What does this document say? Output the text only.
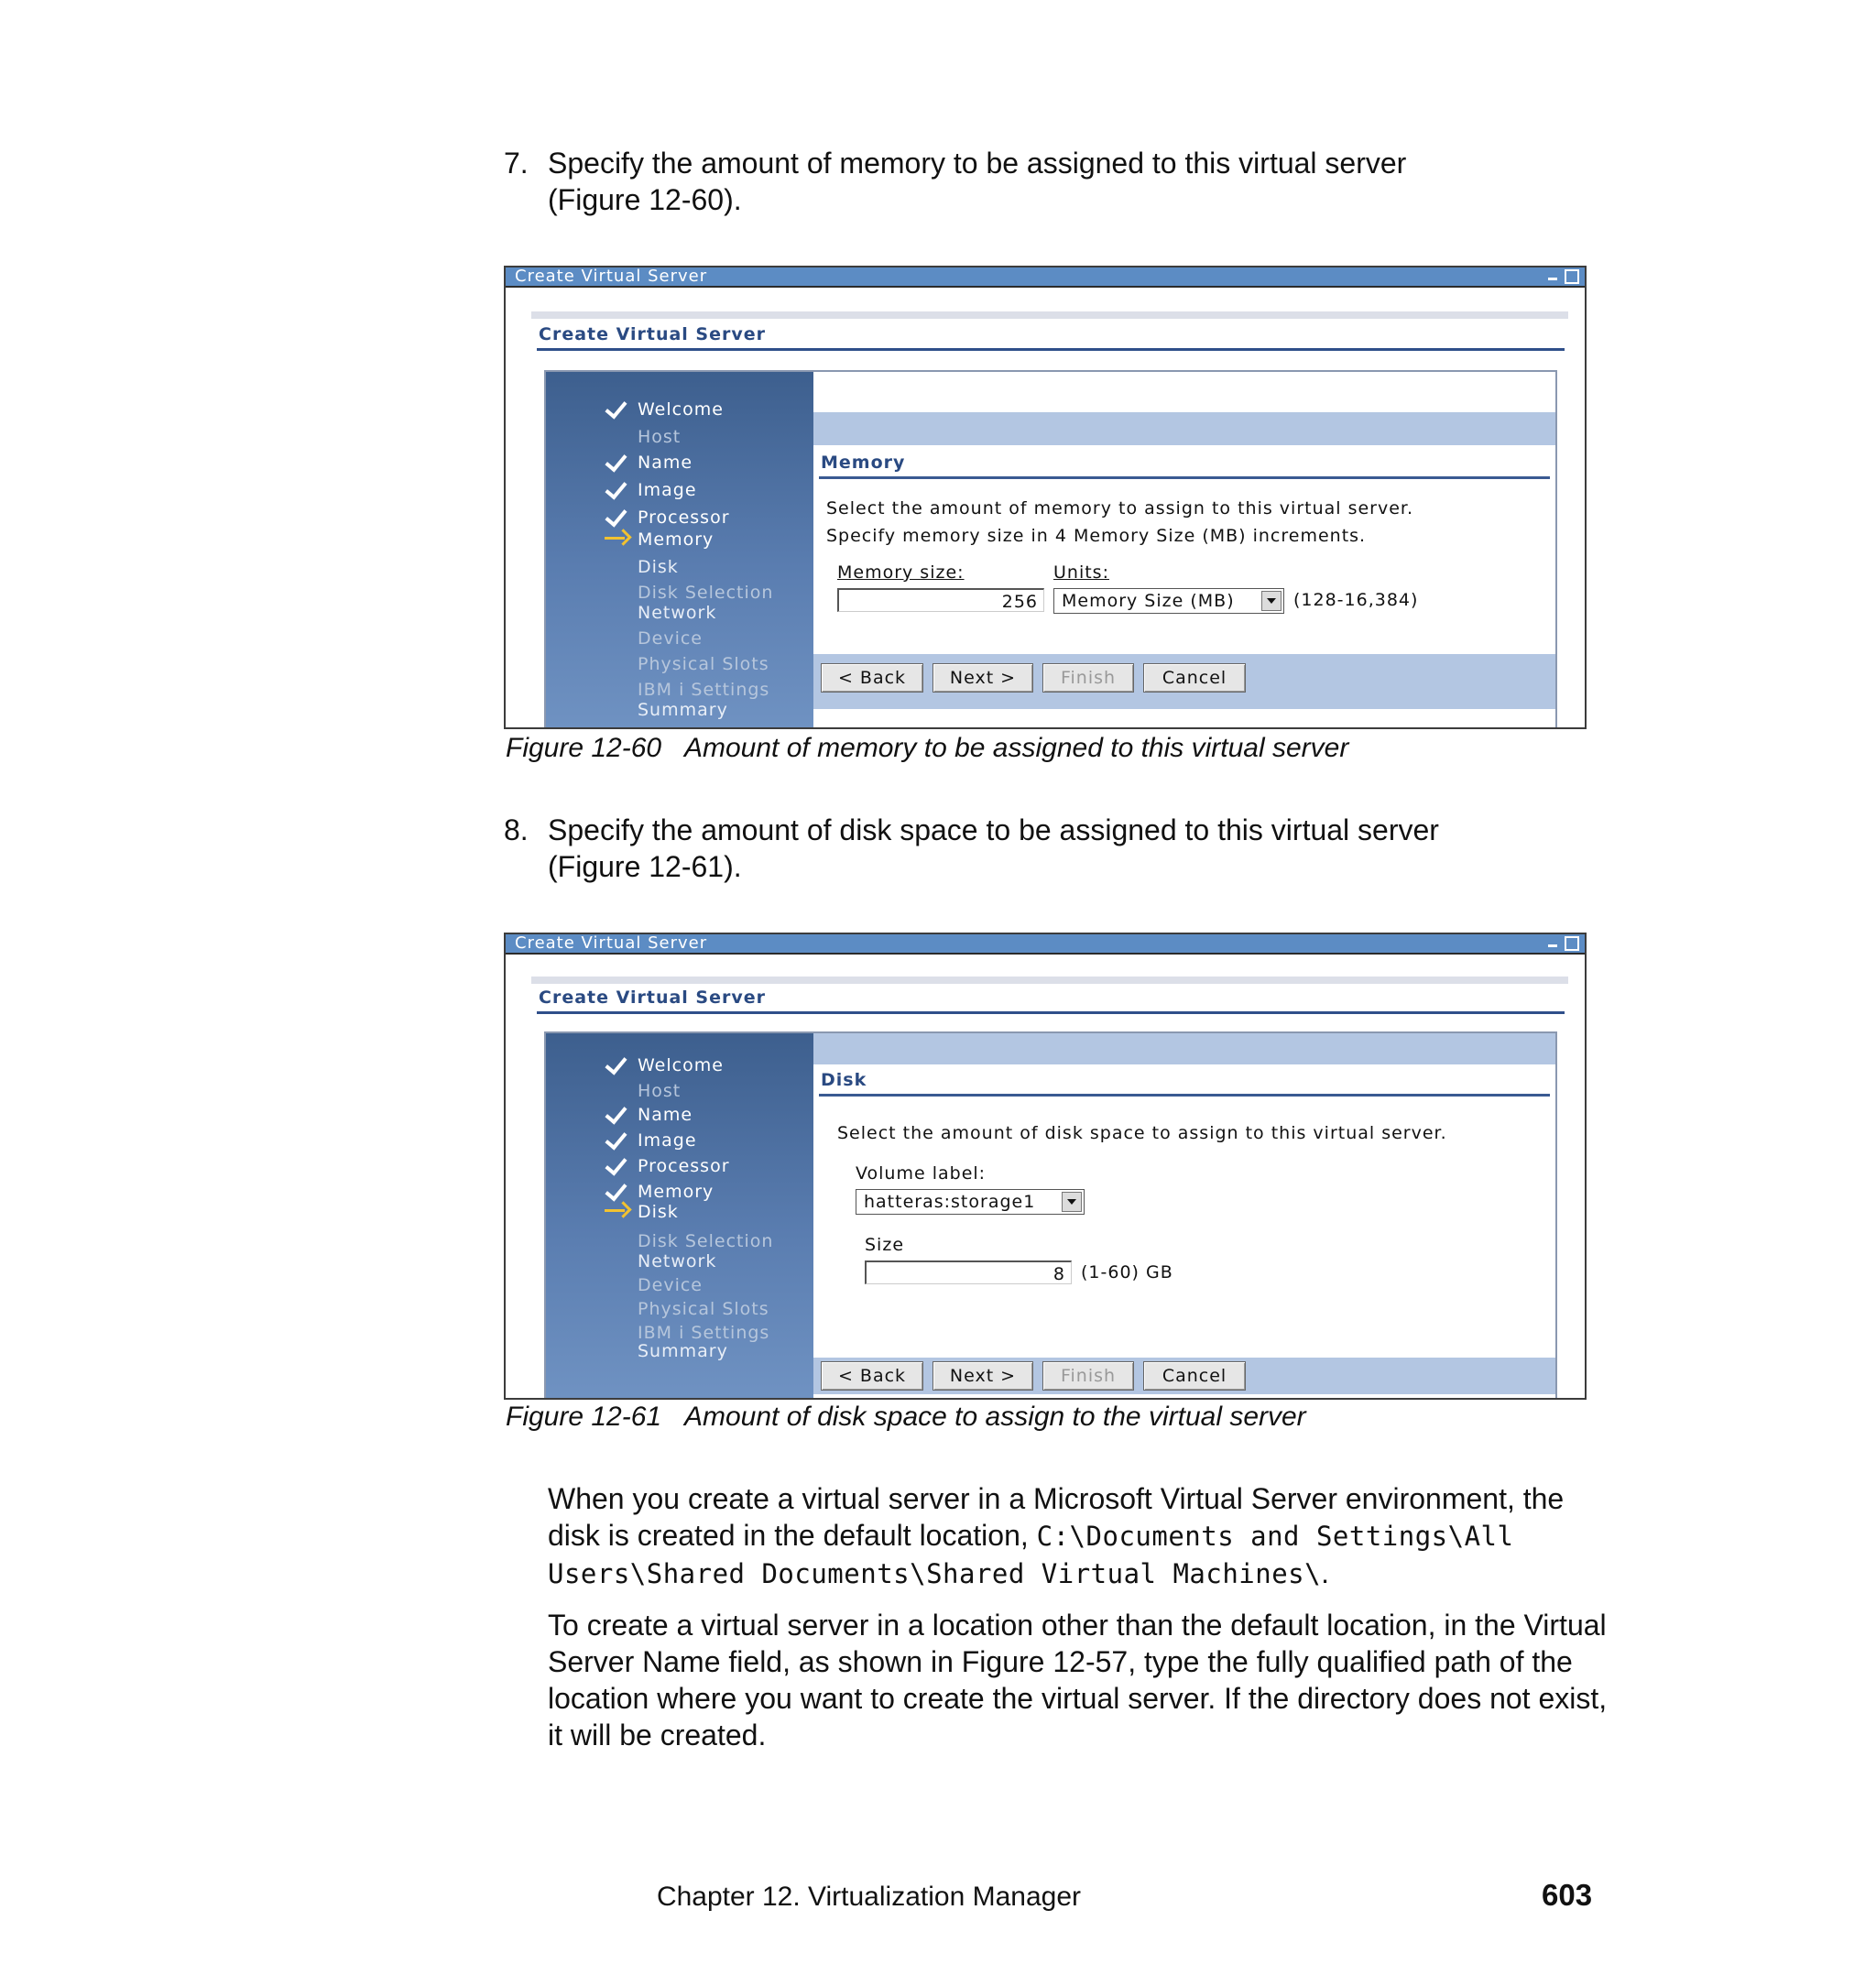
7. Specify the amount of memory to be assigned to this virtual server
(Figure 12-60).
Create Virtual Server
Create Virtual Server
Welcome
Host
Name
Image
Processor
Memory
Disk
Disk Selection
Network
Device
Physical Slots
IBM i Settings
Summary
Memory
Select the amount of memory to assign to this virtual server.
Specify memory size in 4 Memory Size (MB) increments.
Memory size:	Units:
256	Memory Size (MB)	(128-16,384)
< Back	Next >	Finish	Cancel
Figure 12-60 Amount of memory to be assigned to this virtual server
8. Specify the amount of disk space to be assigned to this virtual server
(Figure 12-61).
Create Virtual Server
Create Virtual Server
Welcome
Host
Name
Image
Processor
Memory
Disk
Disk Selection
Network
Device
Physical Slots
IBM i Settings
Summary
Disk
Select the amount of disk space to assign to this virtual server.
Volume label:
hatteras:storage1
Size
8 (1-60) GB
< Back	Next >	Finish	Cancel
Figure 12-61 Amount of disk space to assign to the virtual server
When you create a virtual server in a Microsoft Virtual Server environment, the disk is created in the default location, C:\Documents and Settings\All Users\Shared Documents\Shared Virtual Machines\.
To create a virtual server in a location other than the default location, in the Virtual Server Name field, as shown in Figure 12-57, type the fully qualified path of the location where you want to create the virtual server. If the directory does not exist, it will be created.
Chapter 12. Virtualization Manager	603
